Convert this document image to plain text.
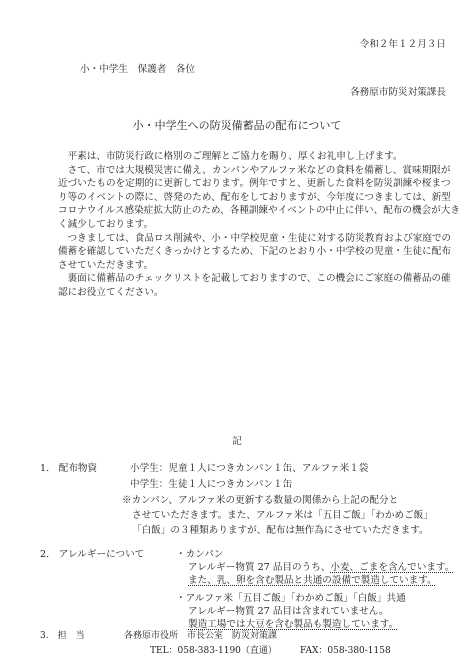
令和２年１２月３日
小・中学生　保護者　各位
各務原市防災対策課長
小・中学生への防災備蓄品の配布について

平素は、市防災行政に格別のご理解とご協力を賜り、厚くお礼申し上げます。

さて、市では大規模災害に備え、カンパンやアルファ米などの食料を備蓄し、賞味期限が近づいたものを定期的に更新しております。例年ですと、更新した食料を防災訓練や桜まつり等のイベントの際に、啓発のため、配布をしておりますが、今年度につきましては、新型コロナウイルス感染症拡大防止のため、各種訓練やイベントの中止に伴い、配布の機会が大きく減少しております。

つきましては、食品ロス削減や、小・中学校児童・生徒に対する防災教育および家庭での備蓄を確認していただくきっかけとするため、下記のとおり小・中学校の児童・生徒に配布させていただきます。

裏面に備蓄品のチェックリストを記載しておりますので、この機会にご家庭の備蓄品の確認にお役立てください。

記
1.　配布物資	小学生：児童１人につきカンパン１缶、アルファ米１袋
中学生：生徒１人につきカンパン１缶
※カンパン、アルファ米の更新する数量の関係から上記の配分と
させていただきます。また、アルファ米は「五目ご飯」「わかめご飯」
「白飯」の３種類ありますが、配布は無作為にさせていただきます。
2.　アレルギーについて	・カンパン
アレルギー物質 27 品目のうち、小麦、ごまを含んでいます。
また、乳、卵を含む製品と共通の設備で製造しています。
・アルファ米「五目ご飯」「わかめご飯」「白飯」共通
アレルギー物質 27 品目は含まれていません。
製造工場では大豆を含む製品も製造しています。
3.　担　当	各務原市役所　市長公室　防災対策課
TEL：058-383-1190（直通）	FAX：058-380-1158
